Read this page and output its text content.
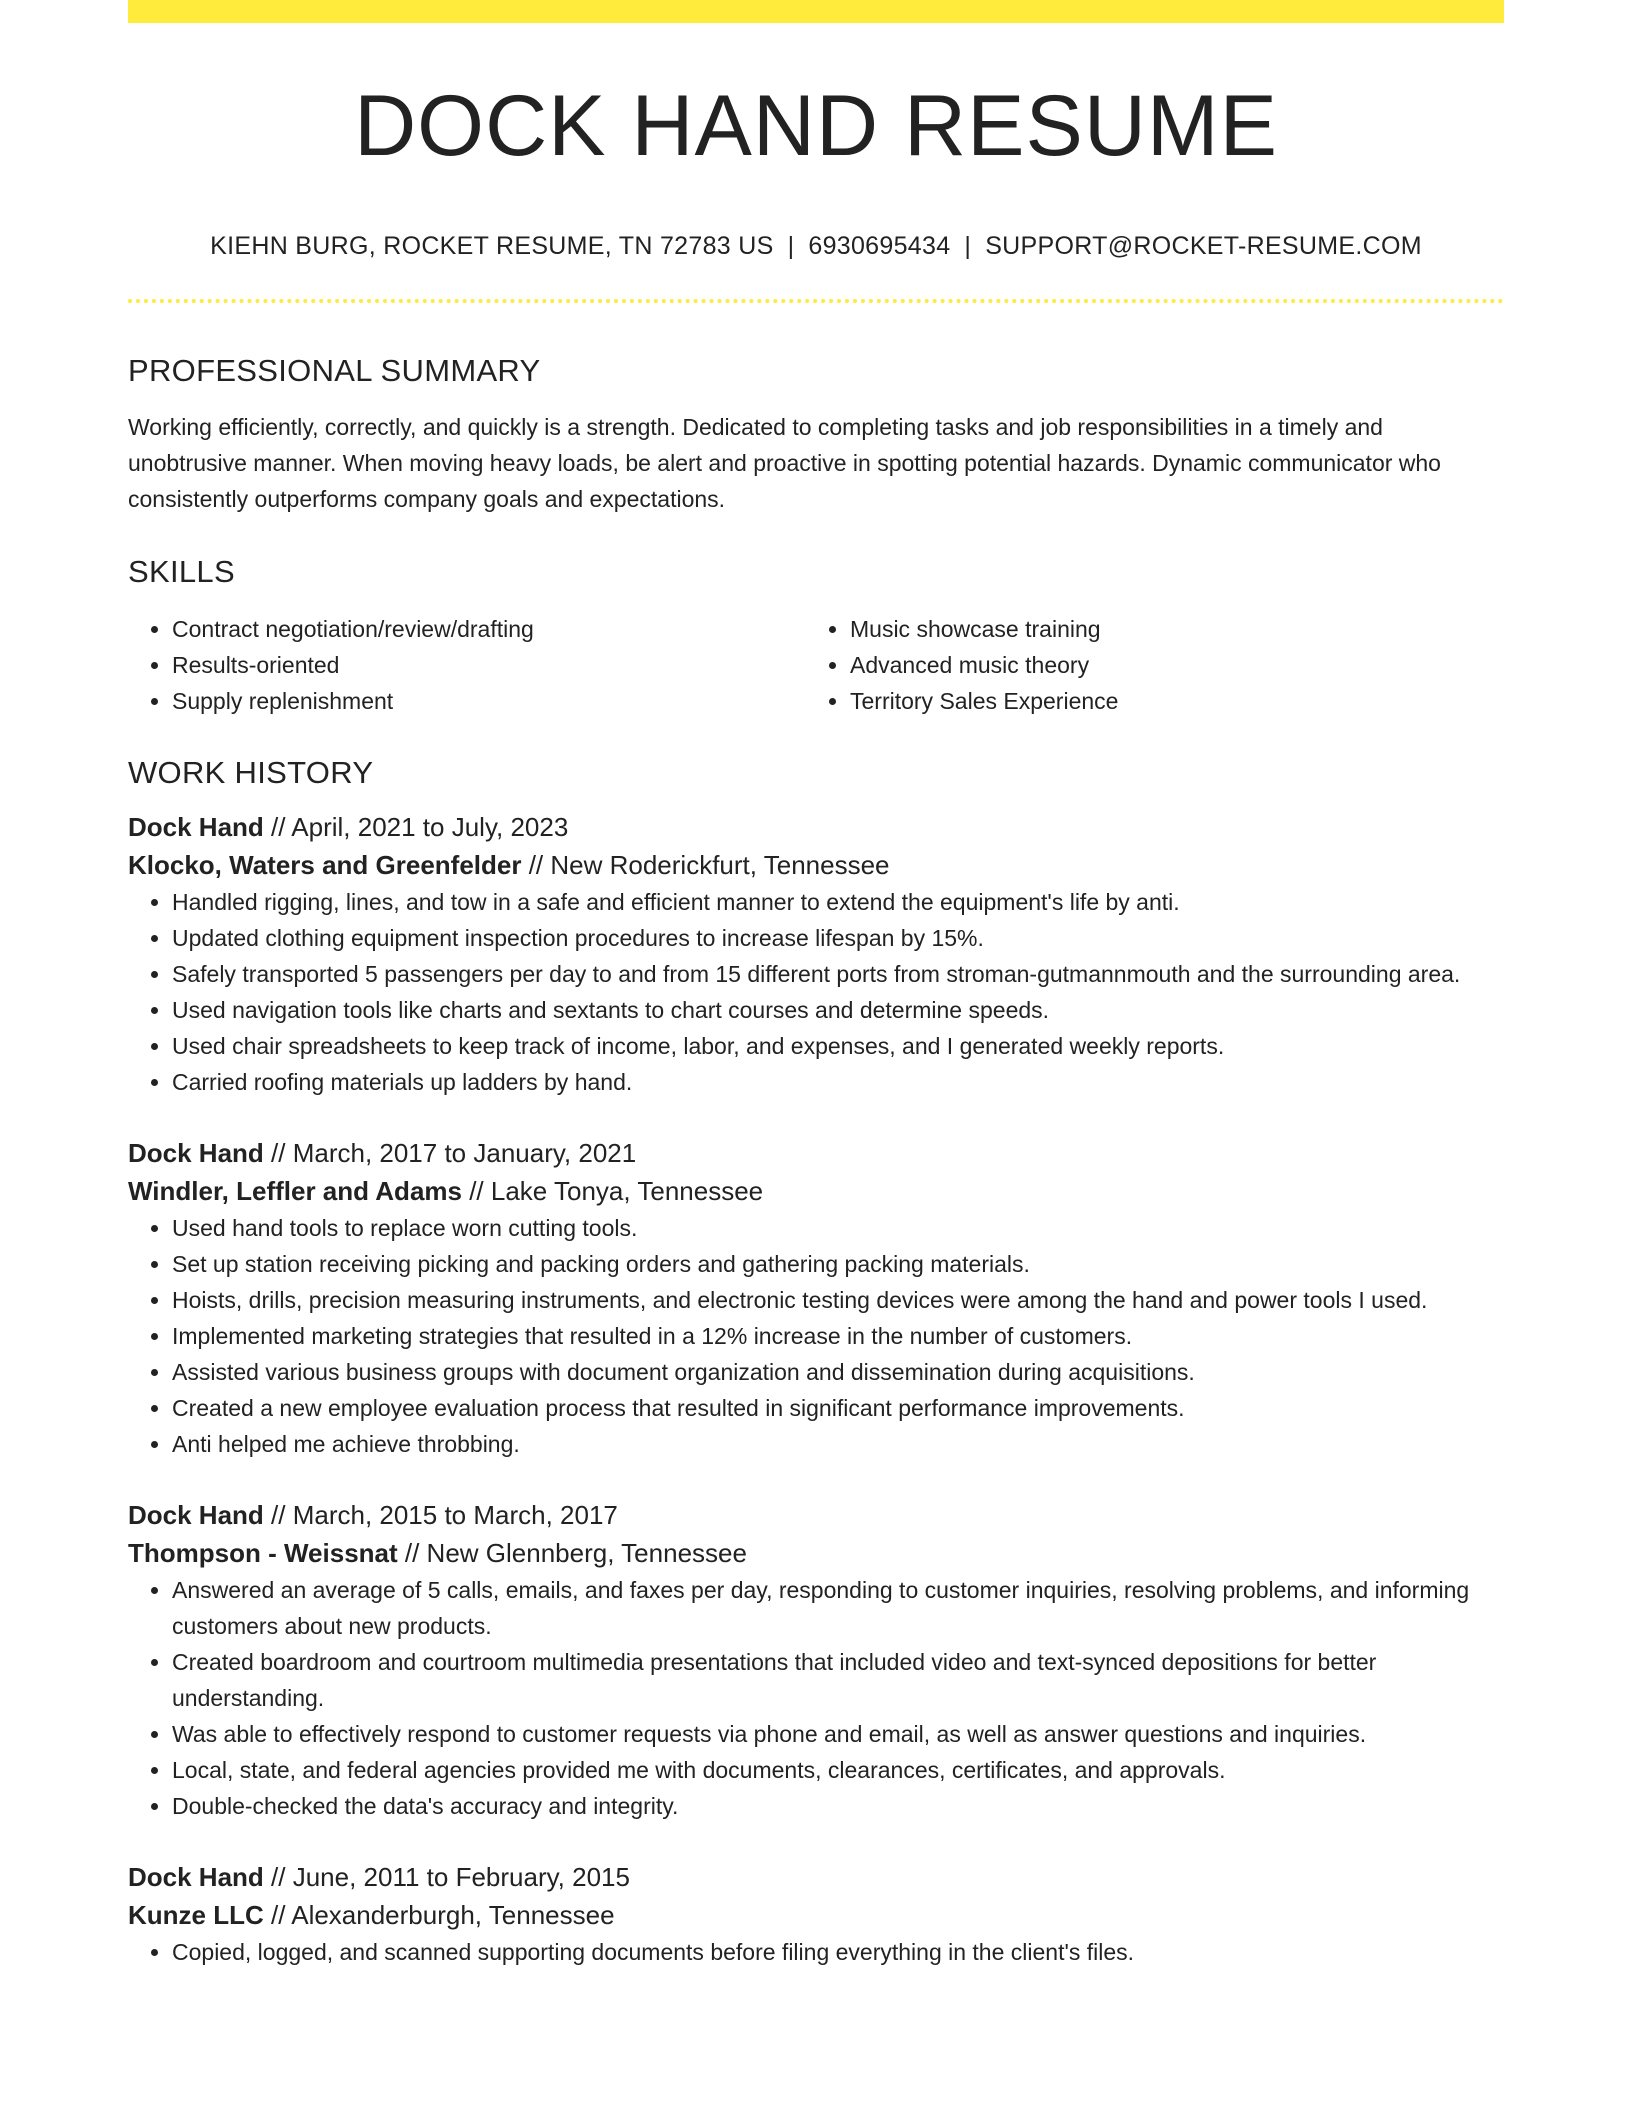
DOCK HAND RESUME
KIEHN BURG, ROCKET RESUME, TN 72783 US | 6930695434 | SUPPORT@ROCKET-RESUME.COM
PROFESSIONAL SUMMARY
Working efficiently, correctly, and quickly is a strength. Dedicated to completing tasks and job responsibilities in a timely and unobtrusive manner. When moving heavy loads, be alert and proactive in spotting potential hazards. Dynamic communicator who consistently outperforms company goals and expectations.
SKILLS
• Contract negotiation/review/drafting
• Results-oriented
• Supply replenishment
• Music showcase training
• Advanced music theory
• Territory Sales Experience
WORK HISTORY
Dock Hand // April, 2021 to July, 2023
Klocko, Waters and Greenfelder // New Roderickfurt, Tennessee
• Handled rigging, lines, and tow in a safe and efficient manner to extend the equipment's life by anti.
• Updated clothing equipment inspection procedures to increase lifespan by 15%.
• Safely transported 5 passengers per day to and from 15 different ports from stroman-gutmannmouth and the surrounding area.
• Used navigation tools like charts and sextants to chart courses and determine speeds.
• Used chair spreadsheets to keep track of income, labor, and expenses, and I generated weekly reports.
• Carried roofing materials up ladders by hand.
Dock Hand // March, 2017 to January, 2021
Windler, Leffler and Adams // Lake Tonya, Tennessee
• Used hand tools to replace worn cutting tools.
• Set up station receiving picking and packing orders and gathering packing materials.
• Hoists, drills, precision measuring instruments, and electronic testing devices were among the hand and power tools I used.
• Implemented marketing strategies that resulted in a 12% increase in the number of customers.
• Assisted various business groups with document organization and dissemination during acquisitions.
• Created a new employee evaluation process that resulted in significant performance improvements.
• Anti helped me achieve throbbing.
Dock Hand // March, 2015 to March, 2017
Thompson - Weissnat // New Glennberg, Tennessee
• Answered an average of 5 calls, emails, and faxes per day, responding to customer inquiries, resolving problems, and informing customers about new products.
• Created boardroom and courtroom multimedia presentations that included video and text-synced depositions for better understanding.
• Was able to effectively respond to customer requests via phone and email, as well as answer questions and inquiries.
• Local, state, and federal agencies provided me with documents, clearances, certificates, and approvals.
• Double-checked the data's accuracy and integrity.
Dock Hand // June, 2011 to February, 2015
Kunze LLC // Alexanderburgh, Tennessee
• Copied, logged, and scanned supporting documents before filing everything in the client's files.
